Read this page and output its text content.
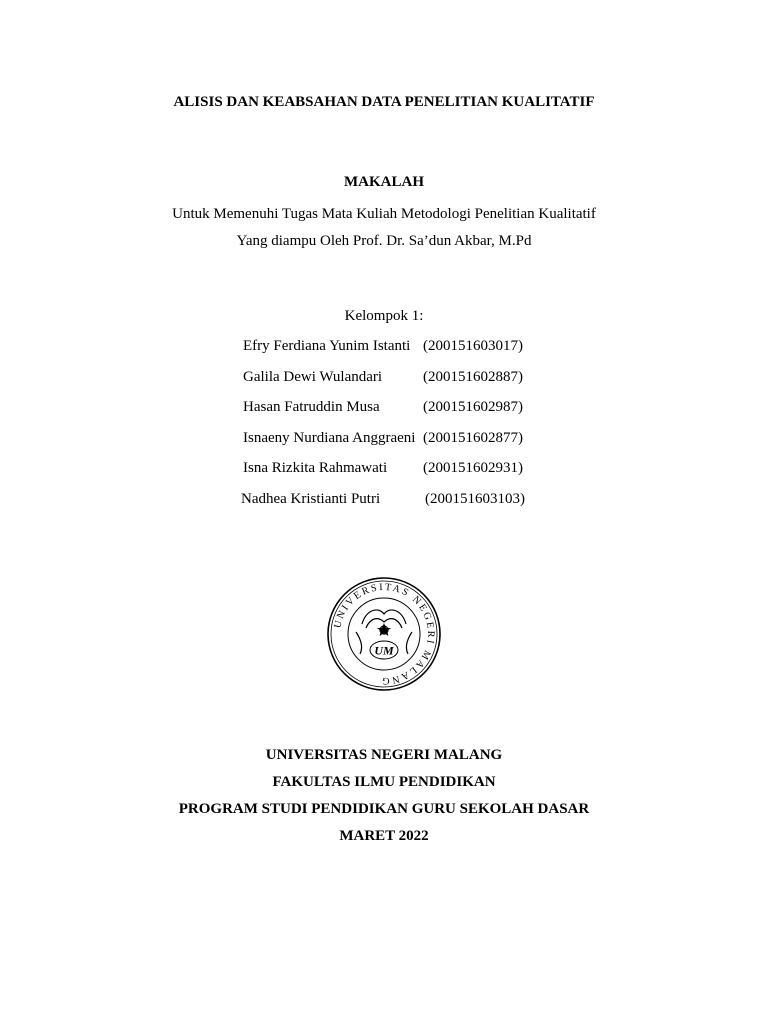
ALISIS DAN KEABSAHAN DATA PENELITIAN KUALITATIF
MAKALAH
Untuk Memenuhi Tugas Mata Kuliah Metodologi Penelitian Kualitatif
Yang diampu Oleh Prof. Dr. Sa’dun Akbar, M.Pd
Kelompok 1:
Efry Ferdiana Yunim Istanti (200151603017)
Galila Dewi Wulandari	(200151602887)
Hasan Fatruddin Musa	(200151602987)
Isnaeny Nurdiana Anggraeni (200151602877)
Isna Rizkita Rahmawati (200151602931)
Nadhea Kristianti Putri	(200151603103)
UNIVERSITAS NEGERI MALANG
UM
UNIVERSITAS NEGERI MALANG
FAKULTAS ILMU PENDIDIKAN
PROGRAM STUDI PENDIDIKAN GURU SEKOLAH DASAR
MARET 2022
